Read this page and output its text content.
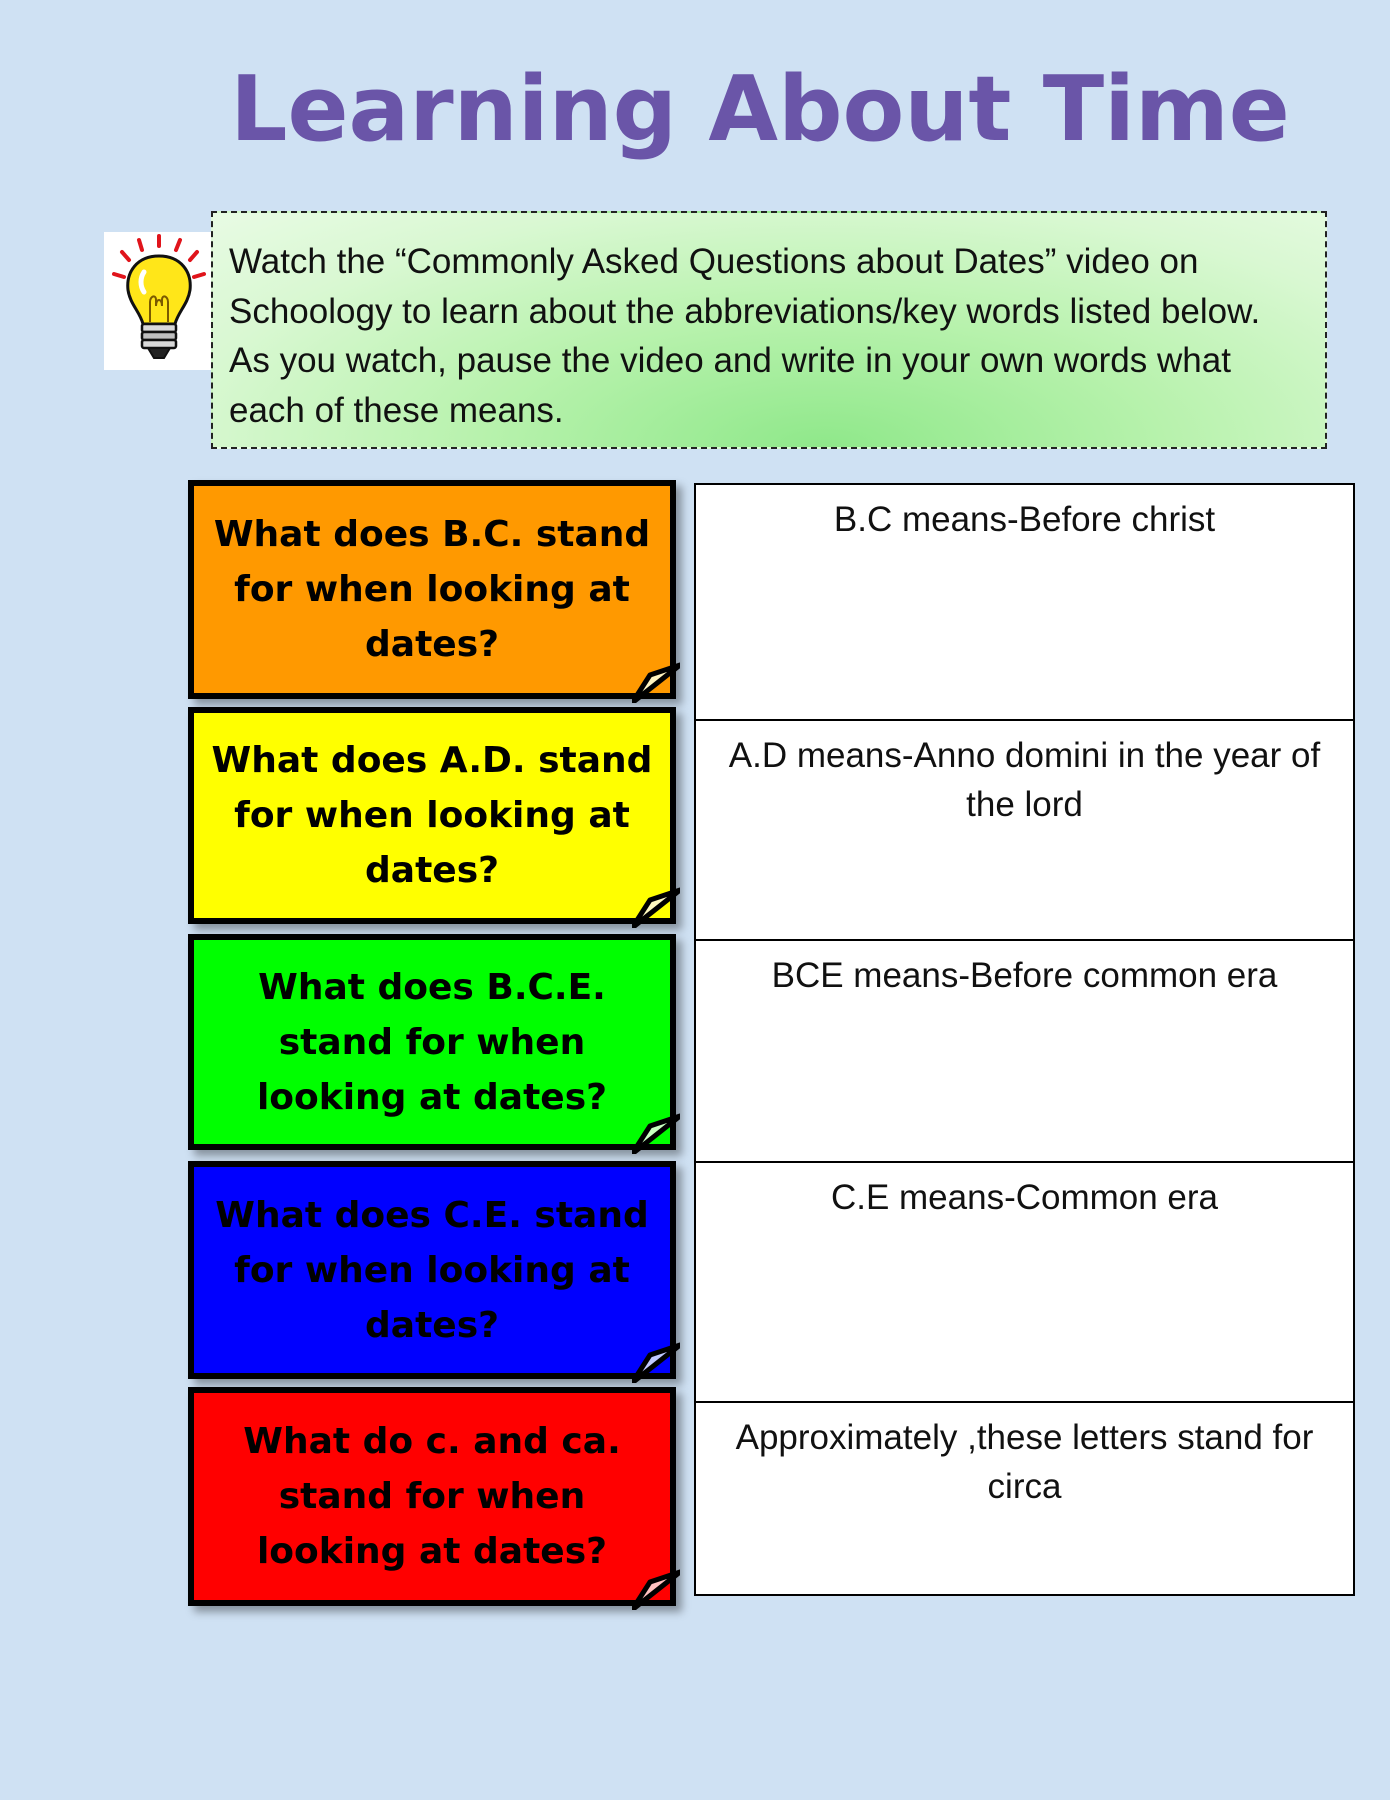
Learning About Time
Watch the “Commonly Asked Questions about Dates” video on Schoology to learn about the abbreviations/key words listed below. As you watch, pause the video and write in your own words what each of these means.
What does B.C. stand for when looking at dates?
What does A.D. stand for when looking at dates?
What does B.C.E. stand for when looking at dates?
What does C.E. stand for when looking at dates?
What do c. and ca. stand for when looking at dates?
B.C means-Before christ
A.D means-Anno domini in the year of the lord
BCE means-Before common era
C.E means-Common era
Approximately ,these letters stand for circa
